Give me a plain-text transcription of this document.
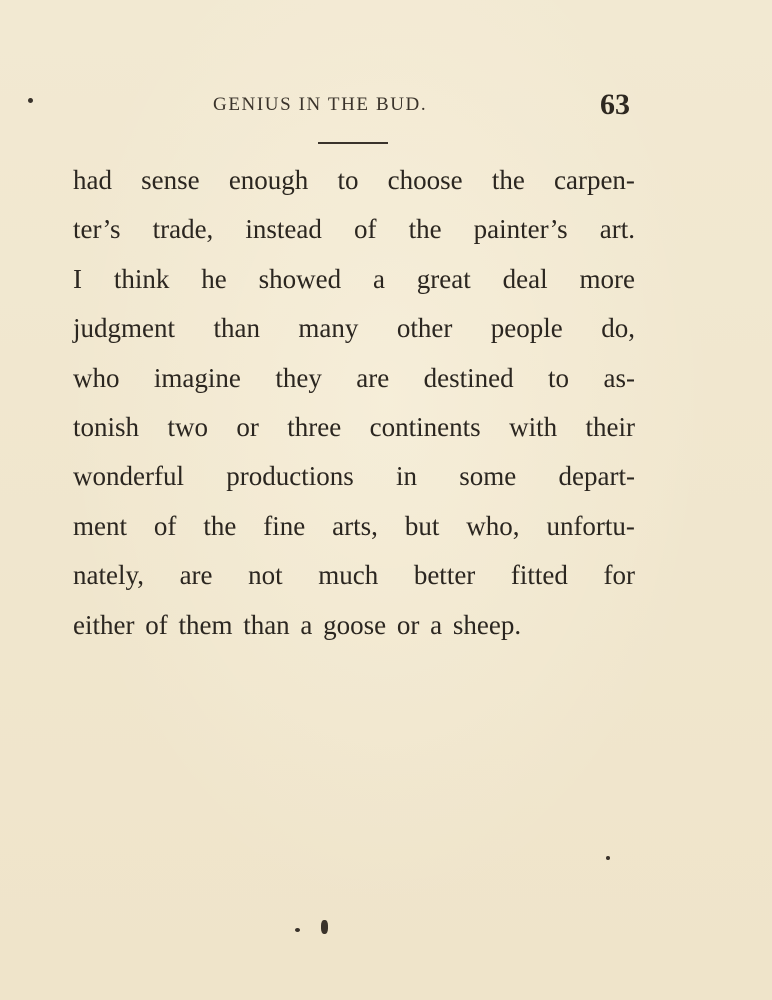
GENIUS IN THE BUD.	63
had sense enough to choose the carpen-
ter’s trade, instead of the painter’s art.
I think he showed a great deal more
judgment than many other people do,
who imagine they are destined to as-
tonish two or three continents with their
wonderful productions in some depart-
ment of the fine arts, but who, unfortu-
nately, are not much better fitted for
either of them than a goose or a sheep.
